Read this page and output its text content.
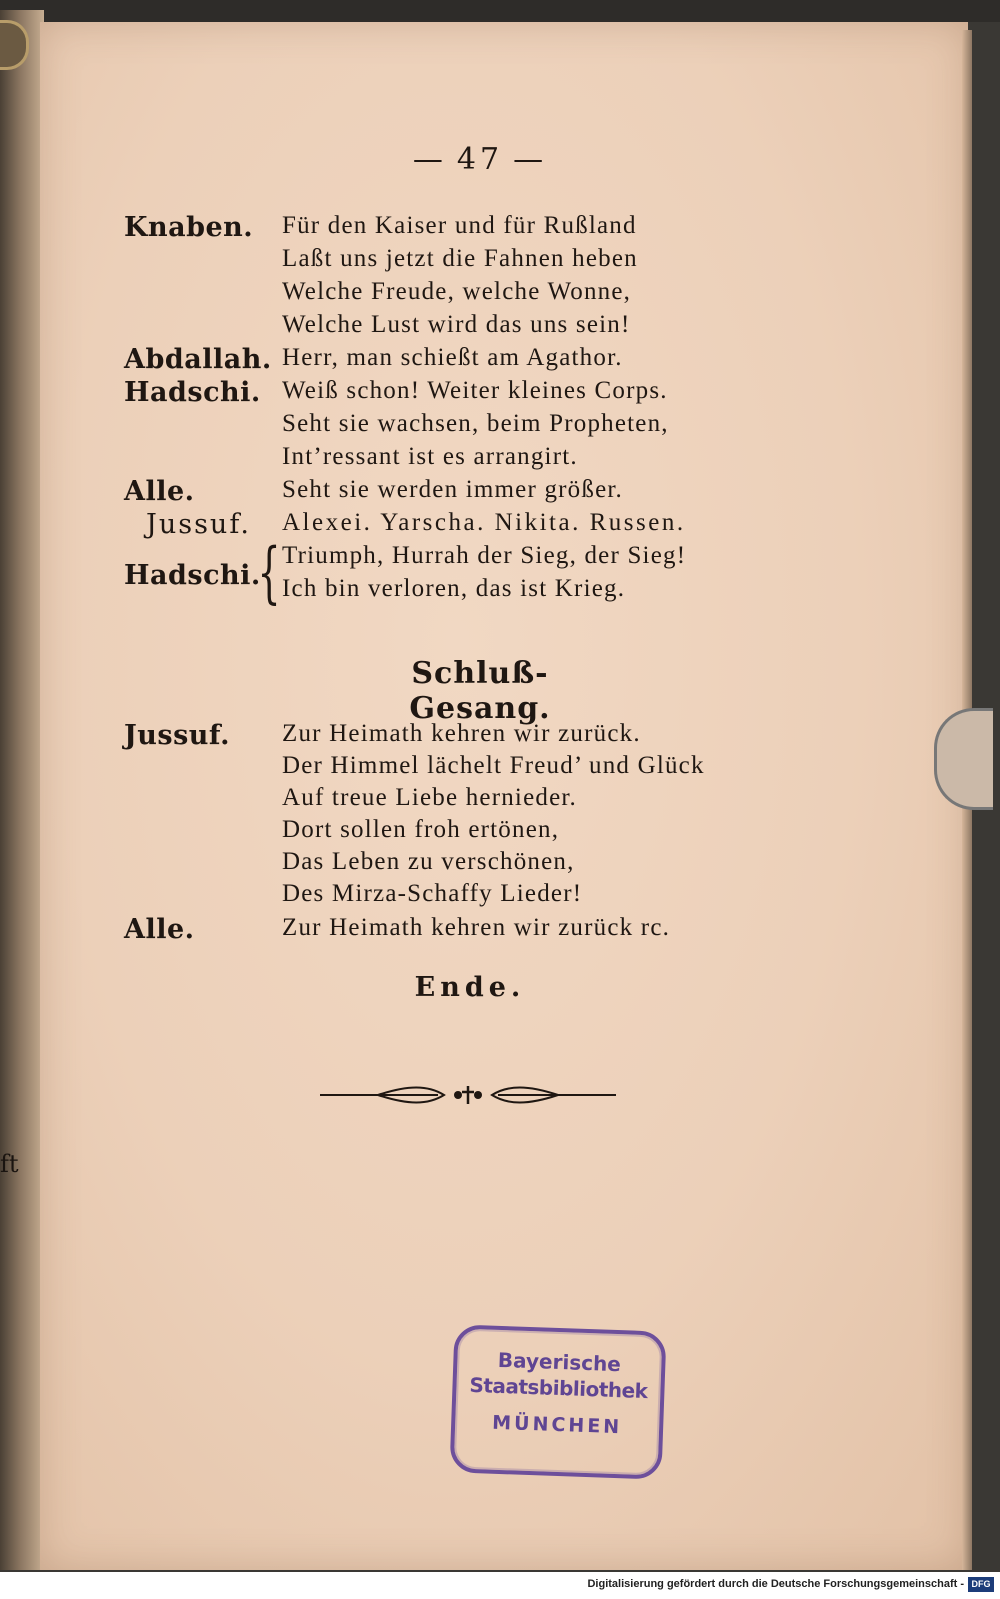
ft
— 47 —
Knaben. Für den Kaiser und für Rußland
Laßt uns jetzt die Fahnen heben
Welche Freude, welche Wonne,
Welche Lust wird das uns sein!
Abdallah. Herr, man schießt am Agathor.
Hadschi. Weiß schon! Weiter kleines Corps.
Seht sie wachsen, beim Propheten,
Int’ressant ist es arrangirt.
Alle.	Seht sie werden immer größer.
Jussuf. Alexei. Yarscha. Nikita. Russen.
Triumph, Hurrah der Sieg, der Sieg!
Ich bin verloren, das ist Krieg.
Hadschi.
{
Schluß-Gesang.
Jussuf. Zur Heimath kehren wir zurück.
Der Himmel lächelt Freud’ und Glück
Auf treue Liebe hernieder.
Dort sollen froh ertönen,
Das Leben zu verschönen,
Des Mirza-Schaffy Lieder!
Alle.	Zur Heimath kehren wir zurück rc.
Ende.
Bayerische
Staatsbibliothek
MÜNCHEN
Digitalisierung gefördert durch die Deutsche Forschungsgemeinschaft - DFG
